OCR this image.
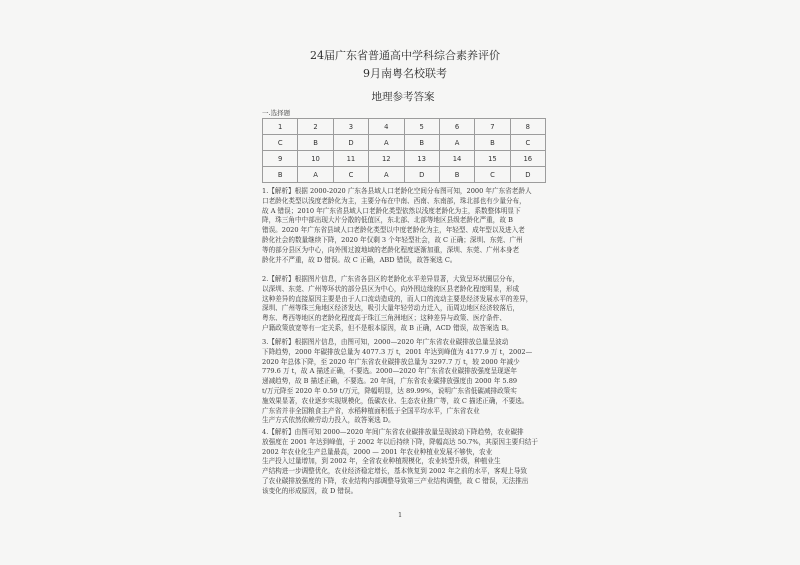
24届广东省普通高中学科综合素养评价
9月南粤名校联考
地理参考答案
一.选择题
1	2	3	4	5	6	7	8
C	B	D	A	B	A	B	C
9	10	11	12	13	14	15	16
B	A	C	A	D	B	C	D
1.【解析】根据 2000-2020 广东各县域人口老龄化空间分布图可知，2000 年广东省老龄人
口老龄化类型以浅度老龄化为主，主要分布在中南、西南、东南部，珠北部也有少量分布，
故 A 错误；2010 年广东省县域人口老龄化类型依然以浅度老龄化为主，系数整体明显下
降，珠三角中中部出现大片分散的低值区，东北部、北部等地区县级老龄化严重，故 B
错误。2020 年广东省县域人口老龄化类型以中度老龄化为主，年轻型、成年型以及进入老
龄化社会的数量继续下降，2020 年仅剩 3 个年轻型社会，故 C 正确；深圳、东莞、广州
等的部分县区为中心，向外围过渡地域的老龄化程度逐渐加重，深圳、东莞、广州本身老
龄化并不严重，故 D 错误。故 C 正确，ABD 错误，故答案选 C。
2.【解析】根据图片信息，广东省各县区的老龄化水平差异显著，大致呈环状圈层分布，
以深圳、东莞、广州等环状的部分县区为中心，向外围边缘的区县老龄化程度明显，形成
这种差异的直接原因主要是由于人口流动造成的，而人口的流动主要是经济发展水平的差异，
深圳、广州等珠三角地区经济发达，吸引大量年轻劳动力迁入，而周边地区经济较落后，
粤东、粤西等地区的老龄化程度高于珠江三角洲地区；这种差异与政策、医疗条件、
户籍政策放宽等有一定关系，但不是根本原因，故 B 正确，ACD 错误，故答案选 B。
3.【解析】根据图片信息，由图可知，2000—2020 年广东省农业碳排放总量呈波动
下降趋势，2000 年碳排放总量为 4077.3 万 t，2001 年达到峰值为 4177.9 万 t，2002—
2020 年总体下降，至 2020 年广东省农业碳排放总量为 3297.7 万 t，较 2000 年减少
779.6 万 t，故 A 描述正确，不要选。2000—2020 年广东省农业碳排放强度呈现逐年
递减趋势，故 B 描述正确，不要选。20 年间，广东省农业碳排放强度由 2000 年 5.89
t/万元降至 2020 年 0.59 t/万元，降幅明显，达 89.99%，说明广东省低碳减排政策实
施效果显著，农业逐步实现规模化，低碳农业、生态农业推广等，故 C 描述正确，不要选。
广东省并非全国粮食主产省，水稻种植面积低于全国平均水平，广东省农业
生产方式依然依赖劳动力投入，故答案选 D。
4.【解析】由图可知 2000—2020 年间广东省农业碳排放量呈现波动下降趋势，农业碳排
放强度在 2001 年达到峰值，于 2002 年以后持续下降，降幅高达 50.7%，其原因主要归结于
2002 年农业化生产总量最高，2000 — 2001 年农业种植业发展不够快，农业
生产投入过量增加，到 2002 年，全省农业种植规模化，农业转型升级，种植业生
产结构进一步调整优化，农业经济稳定增长，基本恢复到 2002 年之前的水平，客观上导致
了农业碳排放强度的下降，农业结构内部调整导致第三产业结构调整，故 C 错误，无法推出
该变化的形成原因，故 D 错误。
1
